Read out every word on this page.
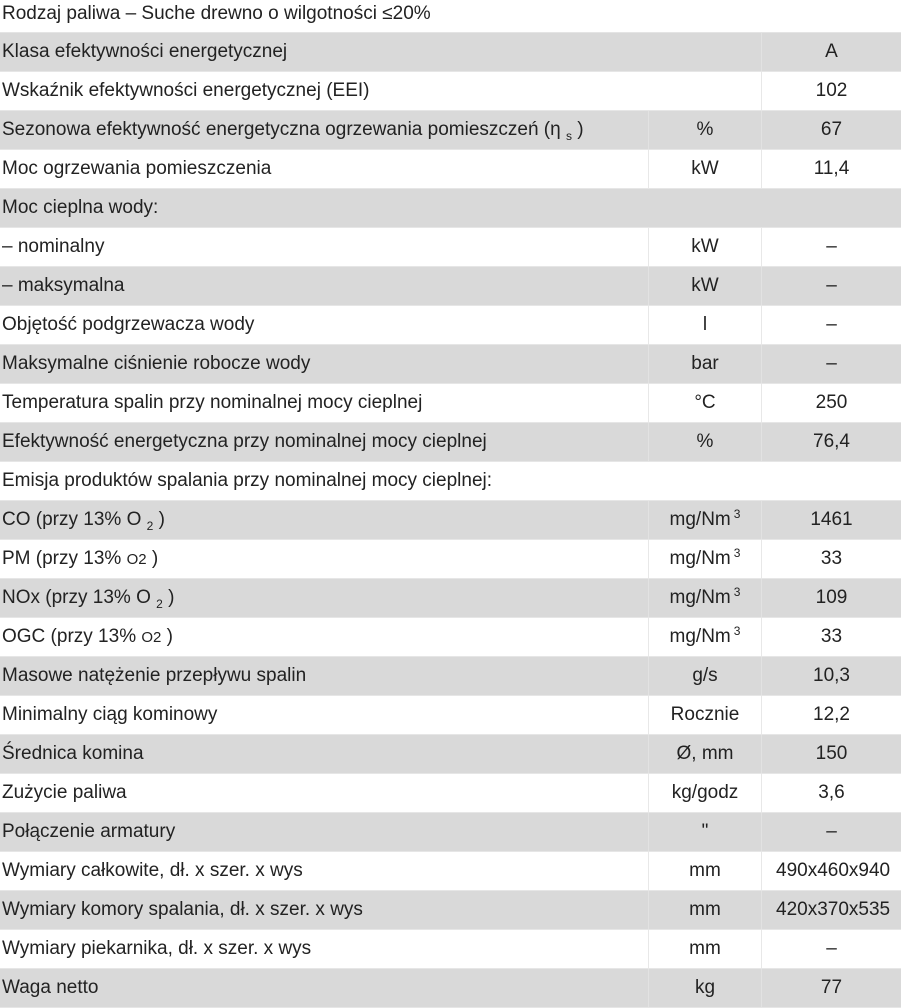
Rodzaj paliwa – Suche drewno o wilgotności ≤20%
Klasa efektywności energetycznej	A
Wskaźnik efektywności energetycznej (EEI)	102
Sezonowa efektywność energetyczna ogrzewania pomieszczeń (η $_s$ )	%	67
Moc ogrzewania pomieszczenia	kW	11,4
Moc cieplna wody:
– nominalny	kW	–
– maksymalna	kW	–
Objętość podgrzewacza wody	l	–
Maksymalne ciśnienie robocze wody	bar	–
Temperatura spalin przy nominalnej mocy cieplnej	°C	250
Efektywność energetyczna przy nominalnej mocy cieplnej	%	76,4
Emisja produktów spalania przy nominalnej mocy cieplnej:
CO (przy 13% O $_2$ )	mg/Nm $^3$	1461
PM (przy 13% O2 )	mg/Nm $^3$	33
NOx (przy 13% O $_2$ )	mg/Nm $^3$	109
OGC (przy 13% O2 )	mg/Nm $^3$	33
Masowe natężenie przepływu spalin	g/s	10,3
Minimalny ciąg kominowy	Rocznie	12,2
Średnica komina	Ø, mm	150
Zużycie paliwa	kg/godz	3,6
Połączenie armatury	"	–
Wymiary całkowite, dł. x szer. x wys	mm	490x460x940
Wymiary komory spalania, dł. x szer. x wys	mm	420x370x535
Wymiary piekarnika, dł. x szer. x wys	mm	–
Waga netto	kg	77
